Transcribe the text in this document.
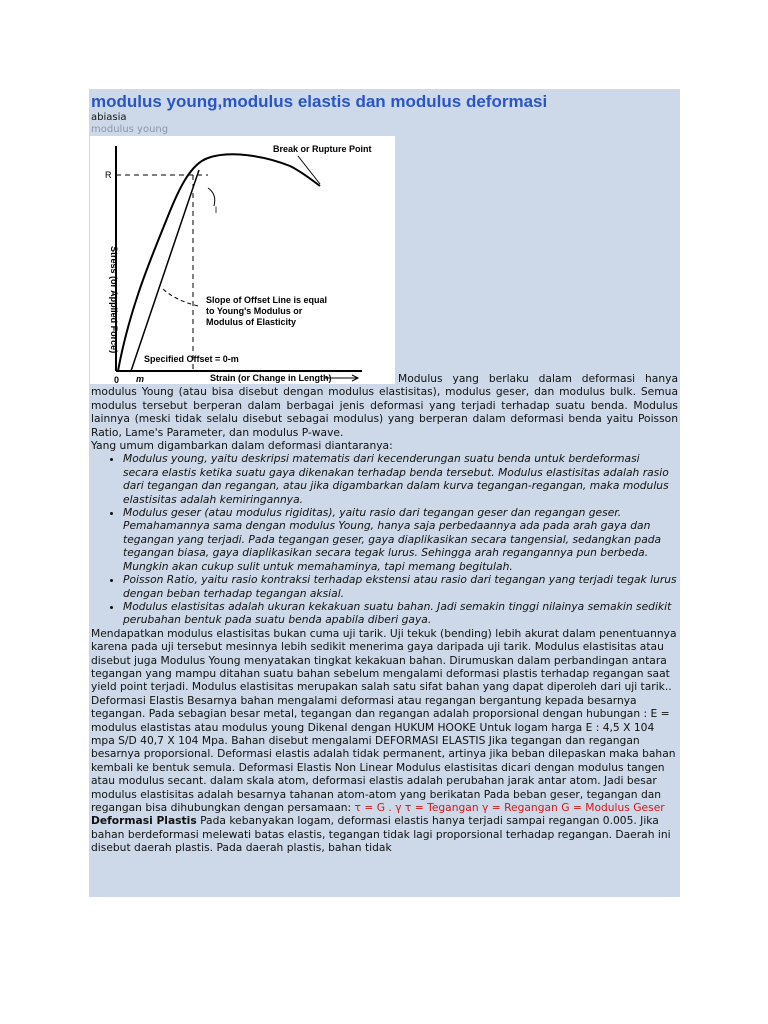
modulus young,modulus elastis dan modulus deformasi
abiasia
modulus young
R
0 m
Break or Rupture Point
l
Slope of Offset Line is equal
to Young's Modulus or
Modulus of Elasticity
Specified Offset = 0-m
Strain (or Change in Length)
Stress (or Applied Force)

Modulus yang berlaku dalam deformasi hanya modulus Young (atau bisa disebut dengan modulus elastisitas), modulus geser, dan modulus bulk. Semua modulus tersebut berperan dalam berbagai jenis deformasi yang terjadi terhadap suatu benda. Modulus lainnya (meski tidak selalu disebut sebagai modulus) yang berperan dalam deformasi benda yaitu Poisson Ratio, Lame's Parameter, dan modulus P-wave.

Yang umum digambarkan dalam deformasi diantaranya:

• Modulus young, yaitu deskripsi matematis dari kecenderungan suatu benda untuk berdeformasi secara elastis ketika suatu gaya dikenakan terhadap benda tersebut. Modulus elastisitas adalah rasio dari tegangan dan regangan, atau jika digambarkan dalam kurva tegangan-regangan, maka modulus elastisitas adalah kemiringannya.
• Modulus geser (atau modulus rigiditas), yaitu rasio dari tegangan geser dan regangan geser. Pemahamannya sama dengan modulus Young, hanya saja perbedaannya ada pada arah gaya dan tegangan yang terjadi. Pada tegangan geser, gaya diaplikasikan secara tangensial, sedangkan pada tegangan biasa, gaya diaplikasikan secara tegak lurus. Sehingga arah regangannya pun berbeda. Mungkin akan cukup sulit untuk memahaminya, tapi memang begitulah.
• Poisson Ratio, yaitu rasio kontraksi terhadap ekstensi atau rasio dari tegangan yang terjadi tegak lurus dengan beban terhadap tegangan aksial.
• Modulus elastisitas adalah ukuran kekakuan suatu bahan. Jadi semakin tinggi nilainya semakin sedikit perubahan bentuk pada suatu benda apabila diberi gaya.

Mendapatkan modulus elastisitas bukan cuma uji tarik. Uji tekuk (bending) lebih akurat dalam penentuannya karena pada uji tersebut mesinnya lebih sedikit menerima gaya daripada uji tarik. Modulus elastisitas atau disebut juga Modulus Young menyatakan tingkat kekakuan bahan. Dirumuskan dalam perbandingan antara tegangan yang mampu ditahan suatu bahan sebelum mengalami deformasi plastis terhadap regangan saat yield point terjadi. Modulus elastisitas merupakan salah satu sifat bahan yang dapat diperoleh dari uji tarik.. Deformasi Elastis Besarnya bahan mengalami deformasi atau regangan bergantung kepada besarnya tegangan. Pada sebagian besar metal, tegangan dan regangan adalah proporsional dengan hubungan : E = modulus elastistas atau modulus young Dikenal dengan HUKUM HOOKE Untuk logam harga E : 4,5 X 104 mpa S/D 40,7 X 104 Mpa. Bahan disebut mengalami DEFORMASI ELASTIS Jika tegangan dan regangan besarnya proporsional. Deformasi elastis adalah tidak permanent, artinya jika beban dilepaskan maka bahan kembali ke bentuk semula. Deformasi Elastis Non Linear Modulus elastisitas dicari dengan modulus tangen atau modulus secant. dalam skala atom, deformasi elastis adalah perubahan jarak antar atom. Jadi besar modulus elastisitas adalah besarnya tahanan atom-atom yang berikatan Pada beban geser, tegangan dan regangan bisa dihubungkan dengan persamaan: τ = G . γ τ = Tegangan γ = Regangan G = Modulus Geser Deformasi Plastis Pada kebanyakan logam, deformasi elastis hanya terjadi sampai regangan 0.005. Jika bahan berdeformasi melewati batas elastis, tegangan tidak lagi proporsional terhadap regangan. Daerah ini disebut daerah plastis. Pada daerah plastis, bahan tidak
